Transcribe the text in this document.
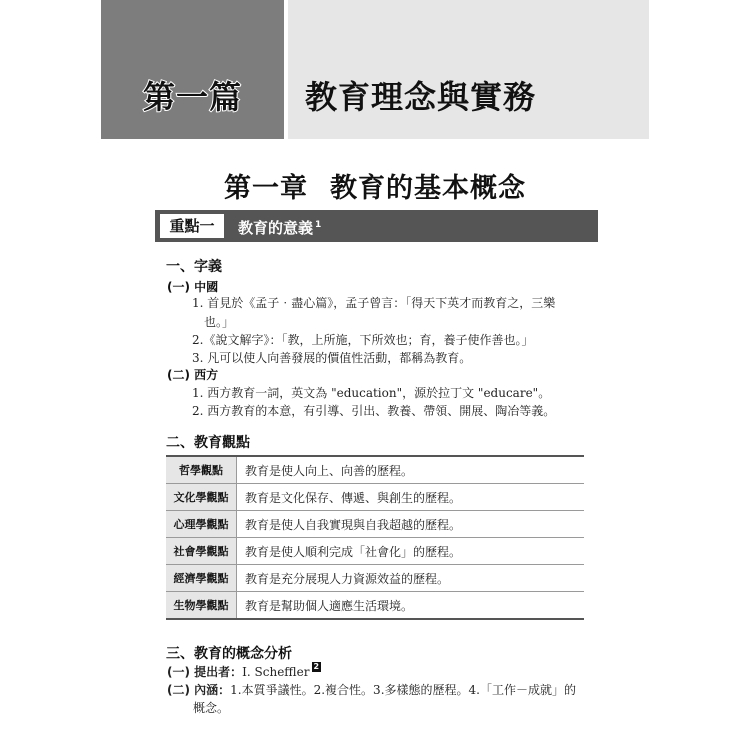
第一篇	教育理念與實務
第一章 教育的基本概念
重點一	教育的意義 $^1$
一、字義
(一) 中國
1. 首見於《孟子‧盡心篇》，孟子曾言：「得天下英才而教育之，三樂
也。」
2.《說文解字》：「教，上所施，下所效也；育，養子使作善也。」
3. 凡可以使人向善發展的價值性活動，都稱為教育。
(二) 西方
1. 西方教育一詞，英文為 "education"，源於拉丁文 "educare"。
2. 西方教育的本意，有引導、引出、教養、帶領、開展、陶冶等義。
二、教育觀點
哲學觀點	教育是使人向上、向善的歷程。
文化學觀點	教育是文化保存、傳遞、與創生的歷程。
心理學觀點	教育是使人自我實現與自我超越的歷程。
社會學觀點	教育是使人順利完成「社會化」的歷程。
經濟學觀點	教育是充分展現人力資源效益的歷程。
生物學觀點	教育是幫助個人適應生活環境。
三、教育的概念分析
(一) 提出者：I. Scheffler 2
(二) 內涵：1.本質爭議性。2.複合性。3.多樣態的歷程。4.「工作－成就」的
概念。
